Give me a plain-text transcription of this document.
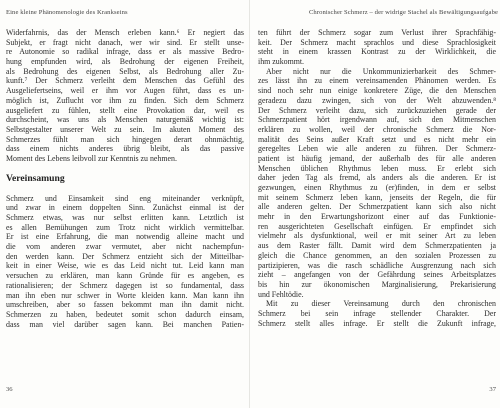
Eine kleine Phänomenologie des Krankseins
Widerfahrnis, das der Mensch erleben kann.⁶ Er negiert das
Subjekt, er fragt nicht danach, wer wir sind. Er stellt unse-
re Autonomie so radikal infrage, dass er als massive Bedro-
hung empfunden wird, als Bedrohung der eigenen Freiheit,
als Bedrohung des eigenen Selbst, als Bedrohung aller Zu-
kunft.⁷ Der Schmerz verleiht dem Menschen das Gefühl des
Ausgeliefertseins, weil er ihm vor Augen führt, dass es un-
möglich ist, Zuflucht vor ihm zu finden. Sich dem Schmerz
ausgeliefert zu fühlen, stellt eine Provokation dar, weil es
durchscheint, was uns als Menschen naturgemäß wichtig ist:
Selbstgestalter unserer Welt zu sein. Im akuten Moment des
Schmerzes fühlt man sich hingegen derart ohnmächtig,
dass einem nichts anderes übrig bleibt, als das passive
Moment des Lebens leibvoll zur Kenntnis zu nehmen.
Vereinsamung
Schmerz und Einsamkeit sind eng miteinander verknüpft,
und zwar in einem doppelten Sinn. Zunächst einmal ist der
Schmerz etwas, was nur selbst erlitten kann. Letztlich ist
es allen Bemühungen zum Trotz nicht wirklich vermittelbar.
Er ist eine Erfahrung, die man notwendig alleine macht und
die vom anderen zwar vermutet, aber nicht nachempfun-
den werden kann. Der Schmerz entzieht sich der Mitteilbar-
keit in einer Weise, wie es das Leid nicht tut. Leid kann man
versuchen zu erklären, man kann Gründe für es angeben, es
rationalisieren; der Schmerz dagegen ist so fundamental, dass
man ihn eben nur schwer in Worte kleiden kann. Man kann ihn
umschreiben, aber so fassen bekommt man ihn damit nicht.
Schmerzen zu haben, bedeutet somit schon dadurch einsam,
dass man viel darüber sagen kann. Bei manchen Patien-
36
Chronischer Schmerz – der widrige Stachel als Bewältigungsaufgabe
ten führt der Schmerz sogar zum Verlust ihrer Sprachfähig-
keit. Der Schmerz macht sprachlos und diese Sprachlosigkeit
steht in einem krassen Kontrast zu der Wirklichkeit, die
ihm zukommt.
Aber nicht nur die Unkommunizierbarkeit des Schmer-
zes lässt ihn zu einem vereinsamenden Phänomen werden. Es
sind noch sehr nun einige konkretere Züge, die den Menschen
geradezu dazu zwingen, sich von der Welt abzuwenden.⁸
Der Schmerz verleiht dazu, sich zurückzuziehen gerade der
Schmerzpatient hört irgendwann auf, sich den Mitmenschen
erklären zu wollen, weil der chronische Schmerz die Nor-
malität des Seins außer Kraft setzt und es nicht mehr ein
geregeltes Leben wie alle anderen zu führen. Der Schmerz-
patient ist häufig jemand, der außerhalb des für alle anderen
Menschen üblichen Rhythmus leben muss. Er erlebt sich
daher jeden Tag als fremd, als anders als die anderen. Er ist
gezwungen, einen Rhythmus zu (er)finden, in dem er selbst
mit seinem Schmerz leben kann, jenseits der Regeln, die für
alle anderen gelten. Der Schmerzpatient kann sich also nicht
mehr in den Erwartungshorizont einer auf das Funktionie-
ren ausgerichteten Gesellschaft einfügen. Er empfindet sich
vielmehr als dysfunktional, weil er mit seiner Art zu leben
aus dem Raster fällt. Damit wird dem Schmerzpatienten ja
gleich die Chance genommen, an den sozialen Prozessen zu
partizipieren, was die rasch schädliche Ausgrenzung nach sich
zieht – angefangen von der Gefährdung seines Arbeitsplatzes
bis hin zur ökonomischen Marginalisierung, Prekarisierung
und Fehltödie.
Mit zu dieser Vereinsamung durch den chronischen
Schmerz bei sein infrage stellender Charakter. Der
Schmerz stellt alles infrage. Er stellt die Zukunft infrage,
37
